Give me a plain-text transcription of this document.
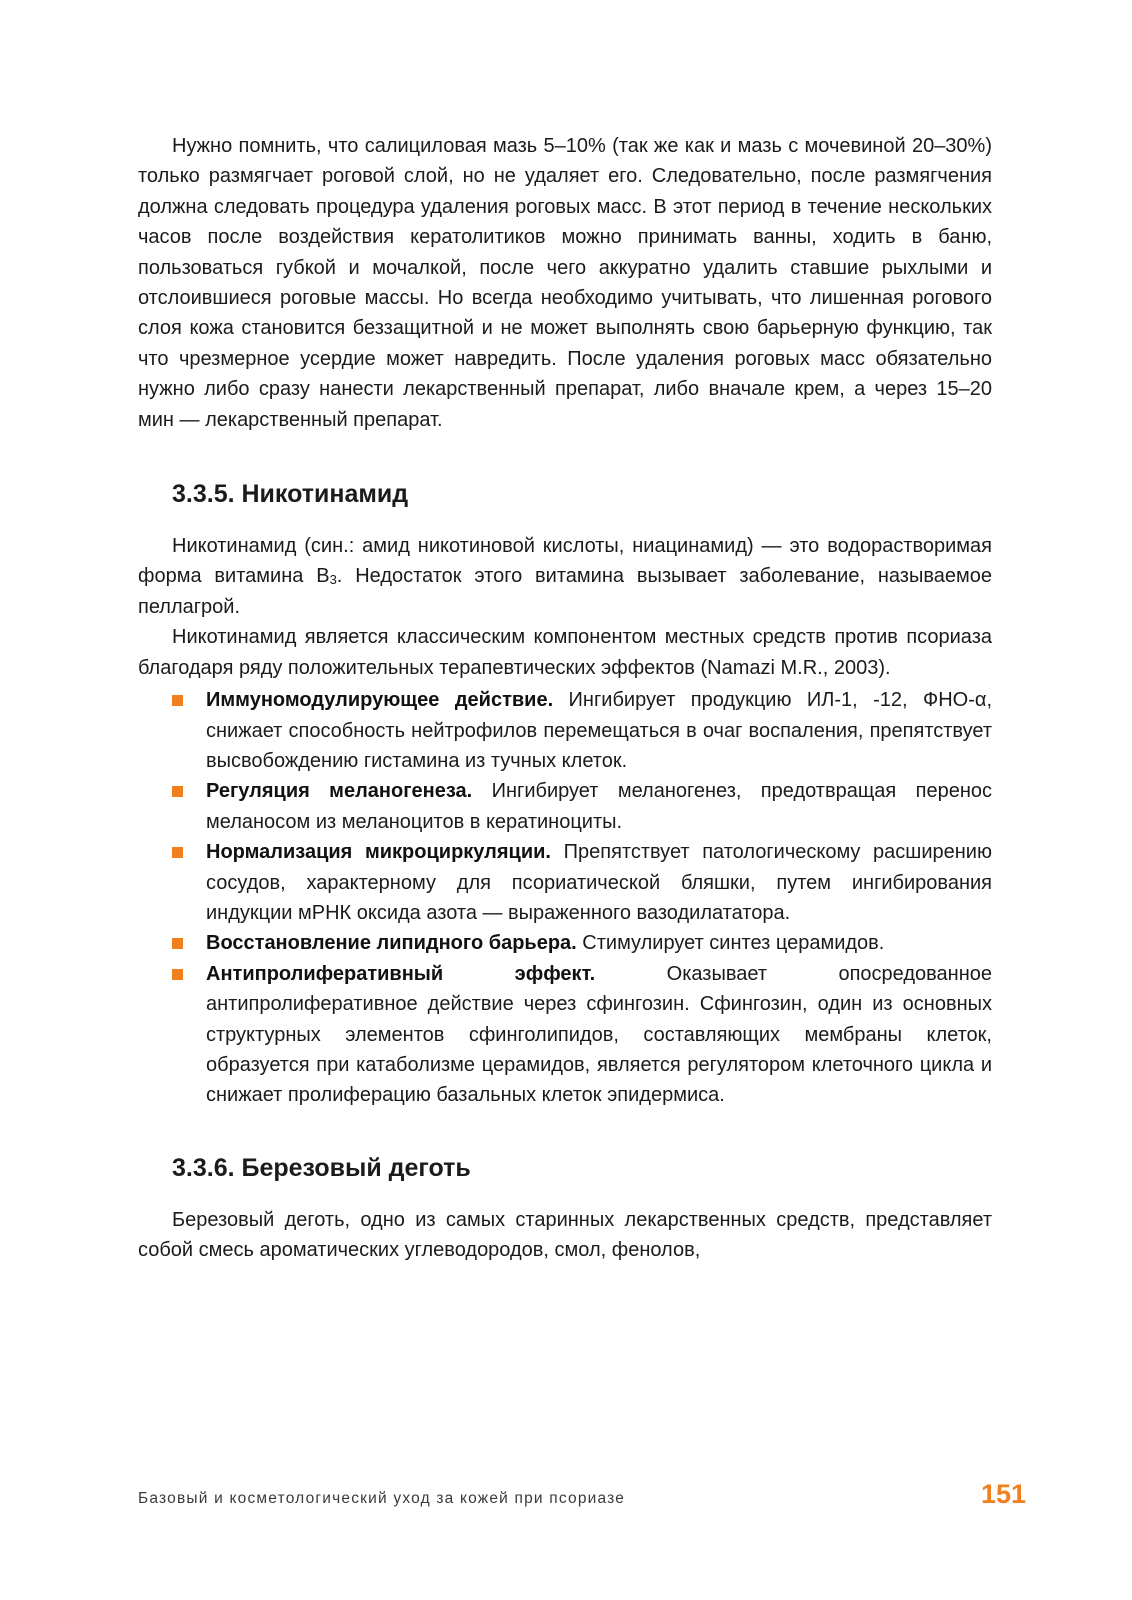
Нужно помнить, что салициловая мазь 5–10% (так же как и мазь с мочевиной 20–30%) только размягчает роговой слой, но не удаляет его. Следовательно, после размягчения должна следовать процедура удаления роговых масс. В этот период в течение нескольких часов после воздействия кератолитиков можно принимать ванны, ходить в баню, пользоваться губкой и мочалкой, после чего аккуратно удалить ставшие рыхлыми и отслоившиеся роговые массы. Но всегда необходимо учитывать, что лишенная рогового слоя кожа становится беззащитной и не может выполнять свою барьерную функцию, так что чрезмерное усердие может навредить. После удаления роговых масс обязательно нужно либо сразу нанести лекарственный препарат, либо вначале крем, а через 15–20 мин — лекарственный препарат.

3.3.5. Никотинамид

Никотинамид (син.: амид никотиновой кислоты, ниацинамид) — это водорастворимая форма витамина $B_3$. Недостаток этого витамина вызывает заболевание, называемое пеллагрой.

Никотинамид является классическим компонентом местных средств против псориаза благодаря ряду положительных терапевтических эффектов (Namazi M.R., 2003).

Иммуномодулирующее действие. Ингибирует продукцию ИЛ-1, -12, ФНО-α, снижает способность нейтрофилов перемещаться в очаг воспаления, препятствует высвобождению гистамина из тучных клеток.
Регуляция меланогенеза. Ингибирует меланогенез, предотвращая перенос меланосом из меланоцитов в кератиноциты.
Нормализация микроциркуляции. Препятствует патологическому расширению сосудов, характерному для псориатической бляшки, путем ингибирования индукции мРНК оксида азота — выраженного вазодилататора.
Восстановление липидного барьера. Стимулирует синтез церамидов.
Антипролиферативный эффект. Оказывает опосредованное антипролиферативное действие через сфингозин. Сфингозин, один из основных структурных элементов сфинголипидов, составляющих мембраны клеток, образуется при катаболизме церамидов, является регулятором клеточного цикла и снижает пролиферацию базальных клеток эпидермиса.
3.3.6. Березовый деготь

Березовый деготь, одно из самых старинных лекарственных средств, представляет собой смесь ароматических углеводородов, смол, фенолов,

Базовый и косметологический уход за кожей при псориазе	151
